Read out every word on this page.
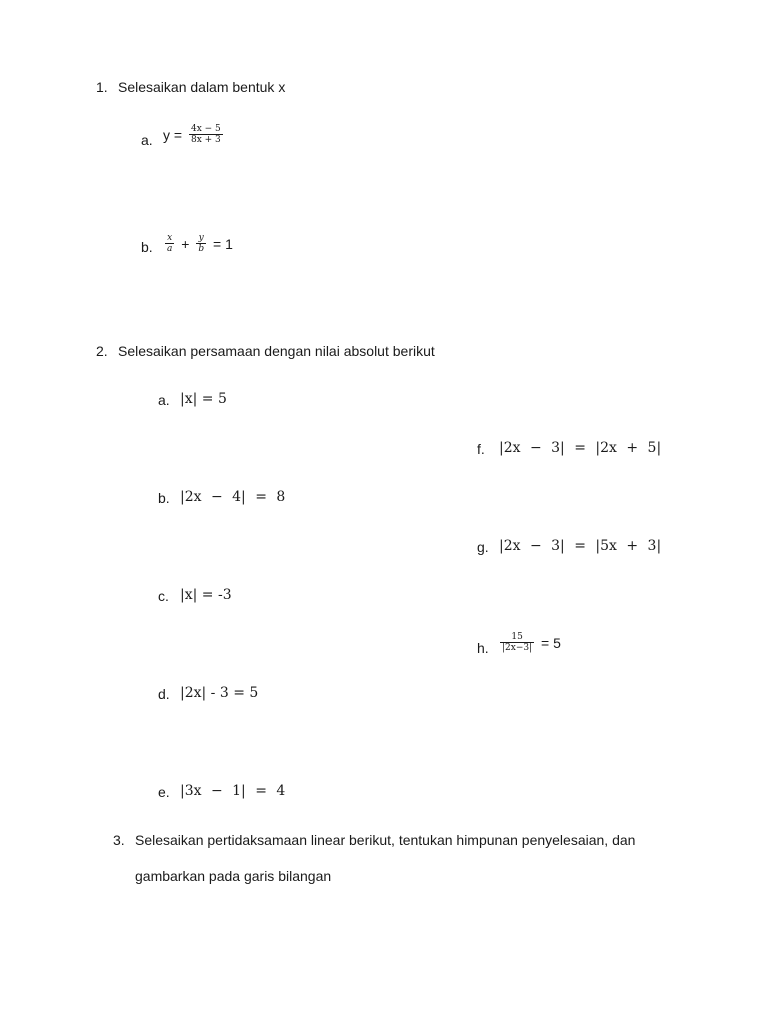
1. Selesaikan dalam bentuk x
a. $y = \frac{4x - 5}{8x + 3}$
b. $\frac{x}{a} + \frac{y}{b} = 1$
2. Selesaikan persamaan dengan nilai absolut berikut
a. |x| = 5
f. |2x − 3| = |2x + 5|
b. |2x − 4| = 8
g. |2x − 3| = |5x + 3|
c. |x| = -3
h. $\frac{15}{|2x-3|} = 5$
d. |2x| - 3 = 5
e. |3x − 1| = 4
3. Selesaikan pertidaksamaan linear berikut, tentukan himpunan penyelesaian, dan
gambarkan pada garis bilangan
